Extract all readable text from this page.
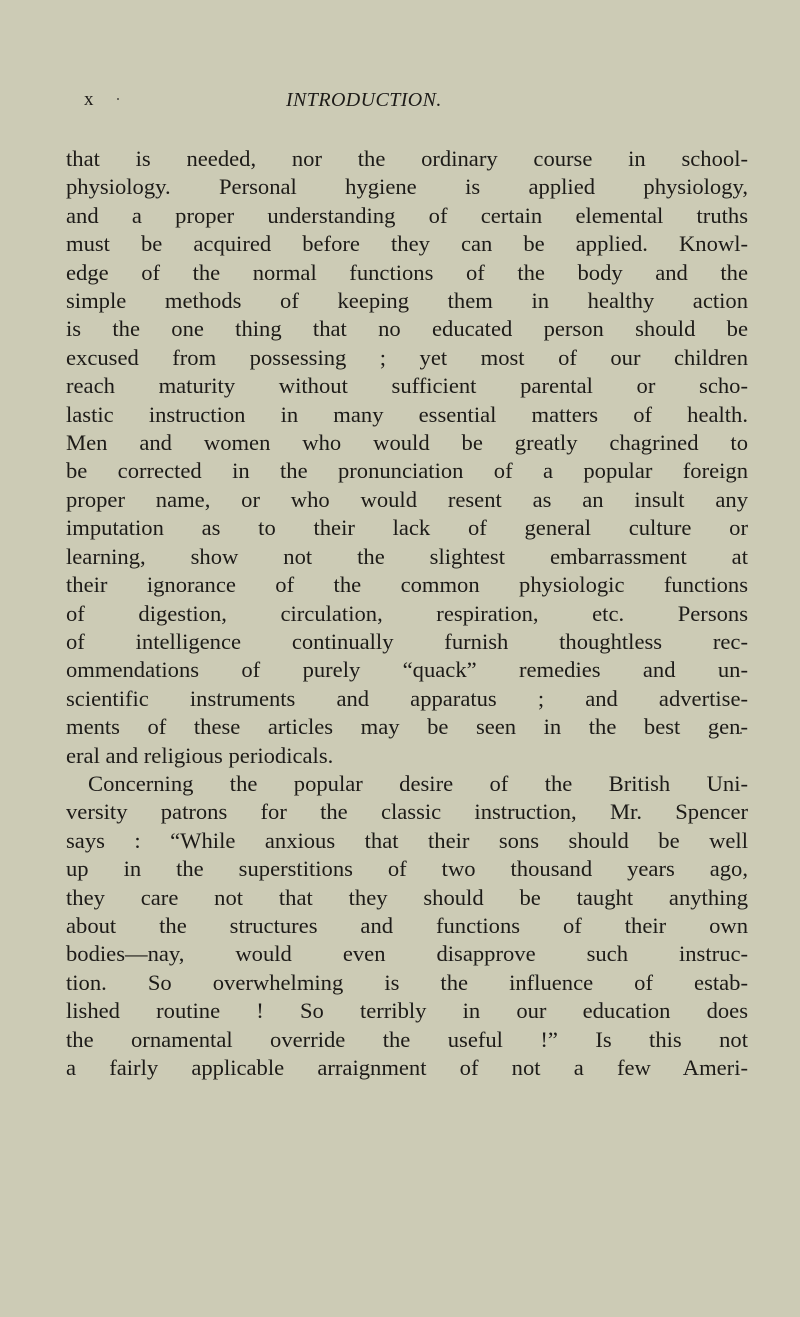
x	INTRODUCTION.
that is needed, nor the ordinary course in school-
physiology. Personal hygiene is applied physiology,
and a proper understanding of certain elemental truths
must be acquired before they can be applied. Knowl-
edge of the normal functions of the body and the
simple methods of keeping them in healthy action
is the one thing that no educated person should be
excused from possessing ; yet most of our children
reach maturity without sufficient parental or scho-
lastic instruction in many essential matters of health.
Men and women who would be greatly chagrined to
be corrected in the pronunciation of a popular foreign
proper name, or who would resent as an insult any
imputation as to their lack of general culture or
learning, show not the slightest embarrassment at
their ignorance of the common physiologic functions
of digestion, circulation, respiration, etc. Persons
of intelligence continually furnish thoughtless rec-
ommendations of purely “quack” remedies and un-
scientific instruments and apparatus ; and advertise-
ments of these articles may be seen in the best gen-
eral and religious periodicals.
Concerning the popular desire of the British Uni-
versity patrons for the classic instruction, Mr. Spencer
says : “While anxious that their sons should be well
up in the superstitions of two thousand years ago,
they care not that they should be taught anything
about the structures and functions of their own
bodies—nay, would even disapprove such instruc-
tion. So overwhelming is the influence of estab-
lished routine ! So terribly in our education does
the ornamental override the useful !” Is this not
a fairly applicable arraignment of not a few Ameri-
